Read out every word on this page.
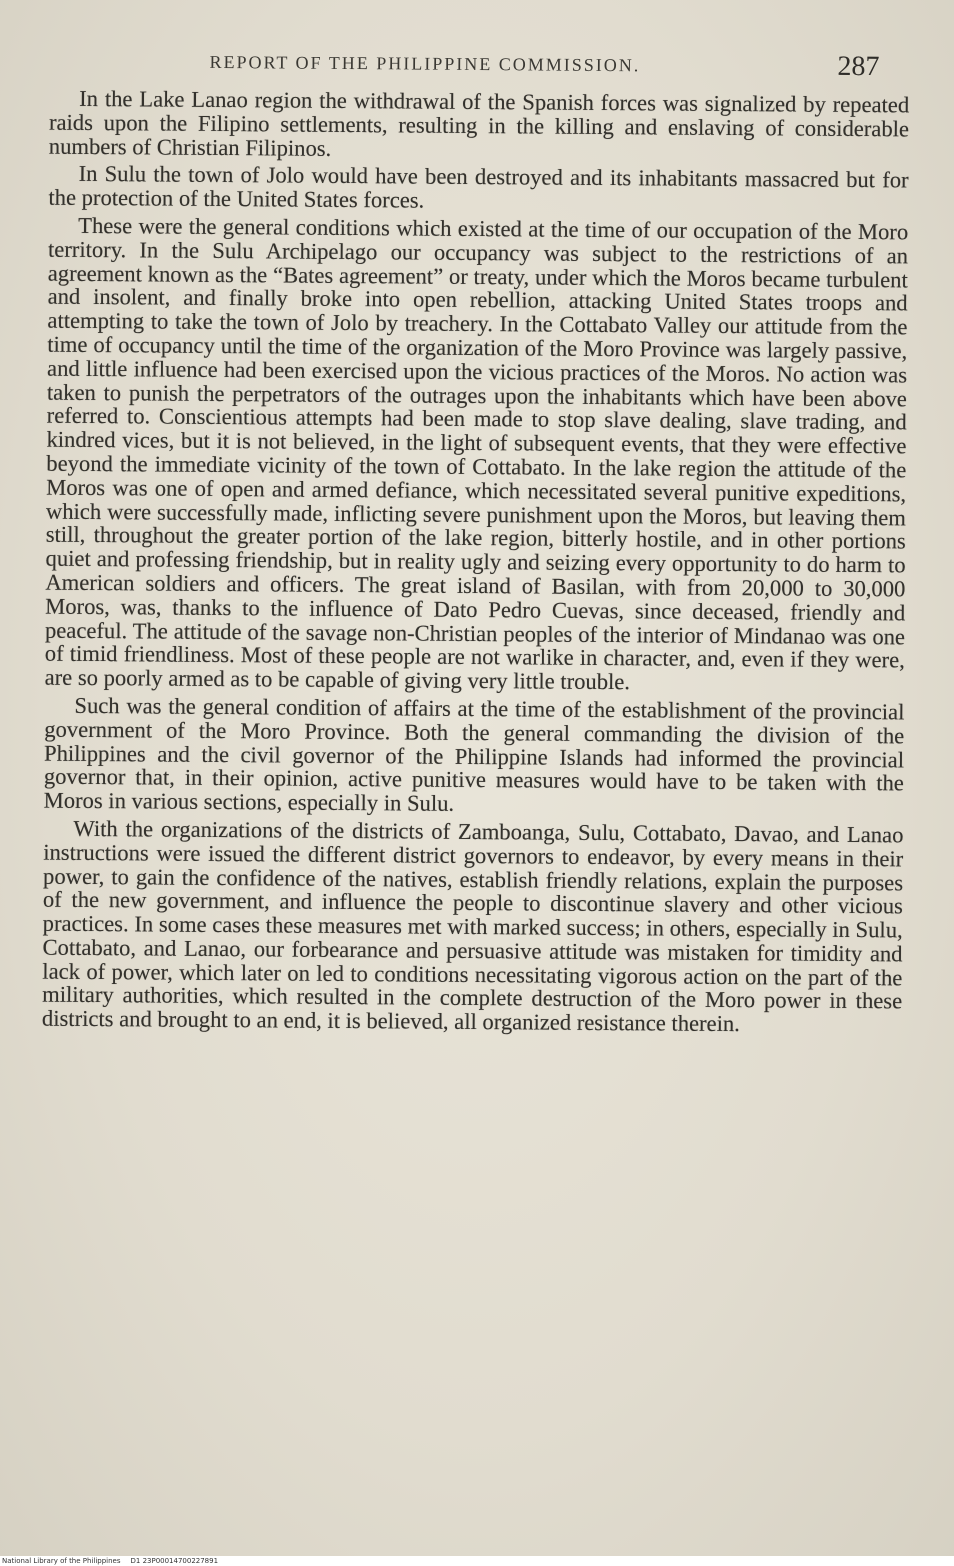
REPORT OF THE PHILIPPINE COMMISSION.	287

In the Lake Lanao region the withdrawal of the Spanish forces was signalized by repeated raids upon the Filipino settlements, resulting in the killing and enslaving of considerable numbers of Christian Filipinos.

In Sulu the town of Jolo would have been destroyed and its inhabitants massacred but for the protection of the United States forces.

These were the general conditions which existed at the time of our occupation of the Moro territory. In the Sulu Archipelago our occupancy was subject to the restrictions of an agreement known as the “Bates agreement” or treaty, under which the Moros became turbulent and insolent, and finally broke into open rebellion, attacking United States troops and attempting to take the town of Jolo by treachery. In the Cottabato Valley our attitude from the time of occupancy until the time of the organization of the Moro Province was largely passive, and little influence had been exercised upon the vicious practices of the Moros. No action was taken to punish the perpetrators of the outrages upon the inhabitants which have been above referred to. Conscientious attempts had been made to stop slave dealing, slave trading, and kindred vices, but it is not believed, in the light of subsequent events, that they were effective beyond the immediate vicinity of the town of Cottabato. In the lake region the attitude of the Moros was one of open and armed defiance, which necessitated several punitive expeditions, which were successfully made, inflicting severe punishment upon the Moros, but leaving them still, throughout the greater portion of the lake region, bitterly hostile, and in other portions quiet and professing friendship, but in reality ugly and seizing every opportunity to do harm to American soldiers and officers. The great island of Basilan, with from 20,000 to 30,000 Moros, was, thanks to the influence of Dato Pedro Cuevas, since deceased, friendly and peaceful. The attitude of the savage non-Christian peoples of the interior of Mindanao was one of timid friendliness. Most of these people are not warlike in character, and, even if they were, are so poorly armed as to be capable of giving very little trouble.

Such was the general condition of affairs at the time of the establishment of the provincial government of the Moro Province. Both the general commanding the division of the Philippines and the civil governor of the Philippine Islands had informed the provincial governor that, in their opinion, active punitive measures would have to be taken with the Moros in various sections, especially in Sulu.

With the organizations of the districts of Zamboanga, Sulu, Cottabato, Davao, and Lanao instructions were issued the different district governors to endeavor, by every means in their power, to gain the confidence of the natives, establish friendly relations, explain the purposes of the new government, and influence the people to discontinue slavery and other vicious practices. In some cases these measures met with marked success; in others, especially in Sulu, Cottabato, and Lanao, our forbearance and persuasive attitude was mistaken for timidity and lack of power, which later on led to conditions necessitating vigorous action on the part of the military authorities, which resulted in the complete destruction of the Moro power in these districts and brought to an end, it is believed, all organized resistance therein.

National Library of the Philippines D1 23P00014700227891
